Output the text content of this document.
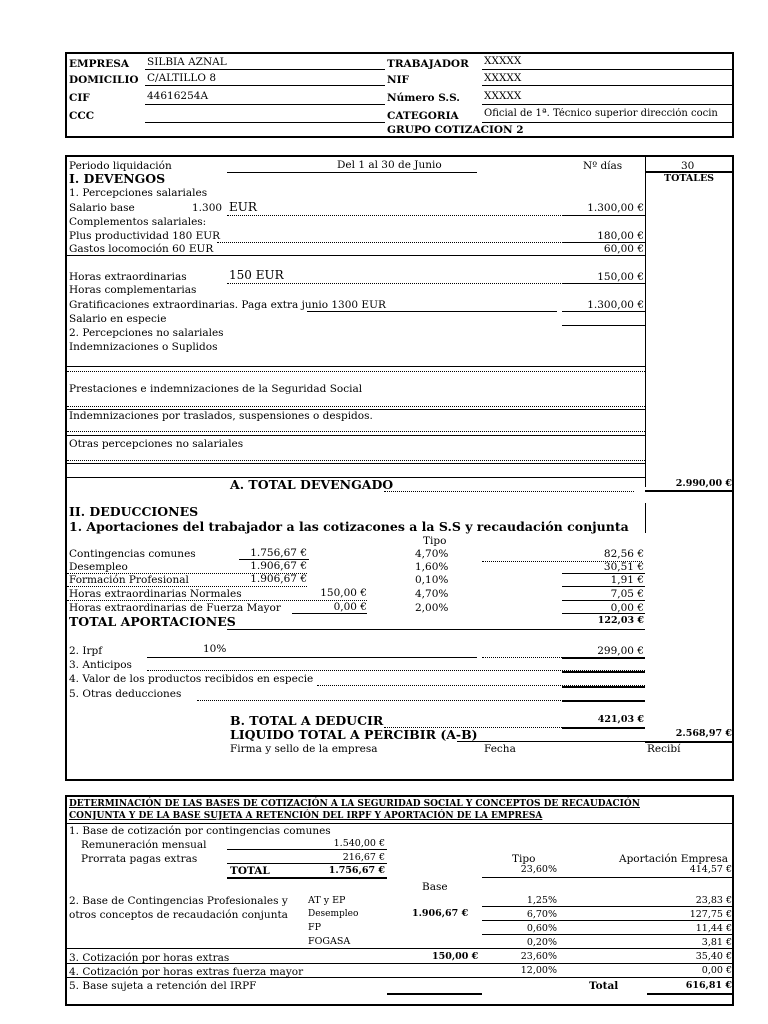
EMPRESA SILBIA AZNAL
DOMICILIO C/ALTILLO 8
CIF	44616254A
CCC
TRABAJADOR XXXXX
NIF	XXXXX
Número S.S. XXXXX
CATEGORIA	Oficial de 1ª. Técnico superior dirección cocin
GRUPO COTIZACION 2
Periodo liquidación	Del 1 al 30 de Junio	Nº días	30
I. DEVENGOS	TOTALES
1. Percepciones salariales
Salario base	1.300 EUR	1.300,00 €
Complementos salariales:
Plus productividad 180 EUR	180,00 €
Gastos locomoción 60 EUR	60,00 €
Horas extraordinarias	150 EUR	150,00 €
Horas complementarias
Gratificaciones extraordinarias. Paga extra junio 1300 EUR	1.300,00 €
Salario en especie
2. Percepciones no salariales
Indemnizaciones o Suplidos
Prestaciones e indemnizaciones de la Seguridad Social
Indemnizaciones por traslados, suspensiones o despidos.
Otras percepciones no salariales
A. TOTAL DEVENGADO	2.990,00 €
II. DEDUCCIONES
1. Aportaciones del trabajador a las cotizacones a la S.S y recaudación conjunta
Tipo
Contingencias comunes	1.756,67 €	4,70%	82,56 €
Desempleo	1.906,67 €	1,60%	30,51 €
Formación Profesional	1.906,67 €	0,10%	1,91 €
Horas extraordinarias Normales	150,00 €	4,70%	7,05 €
Horas extraordinarias de Fuerza Mayor	0,00 €	2,00%	0,00 €
TOTAL APORTACIONES	122,03 €
2. Irpf	10%	299,00 €
3. Anticipos
4. Valor de los productos recibidos en especie
5. Otras deducciones
B. TOTAL A DEDUCIR	421,03 €
LIQUIDO TOTAL A PERCIBIR (A-B)	2.568,97 €
Firma y sello de la empresa	Fecha	Recibí
DETERMINACIÓN DE LAS BASES DE COTIZACIÓN A LA SEGURIDAD SOCIAL Y CONCEPTOS DE RECAUDACIÓN
CONJUNTA Y DE LA BASE SUJETA A RETENCIÓN DEL IRPF Y APORTACIÓN DE LA EMPRESA
1. Base de cotización por contingencias comunes
Remuneración mensual	1.540,00 €
Prorrata pagas extras	216,67 €
TOTAL	1.756,67 €
Tipo	Aportación Empresa
23,60%	414,57 €
Base
2. Base de Contingencias Profesionales y
otros conceptos de recaudación conjunta	1.906,67 €
AT y EP	1,25%	23,83 €
Desempleo	6,70%	127,75 €
FP	0,60%	11,44 €
FOGASA	0,20%	3,81 €
3. Cotización por horas extras	150,00 €	23,60%	35,40 €
4. Cotización por horas extras fuerza mayor	12,00%	0,00 €
5. Base sujeta a retención del IRPF	Total	616,81 €
